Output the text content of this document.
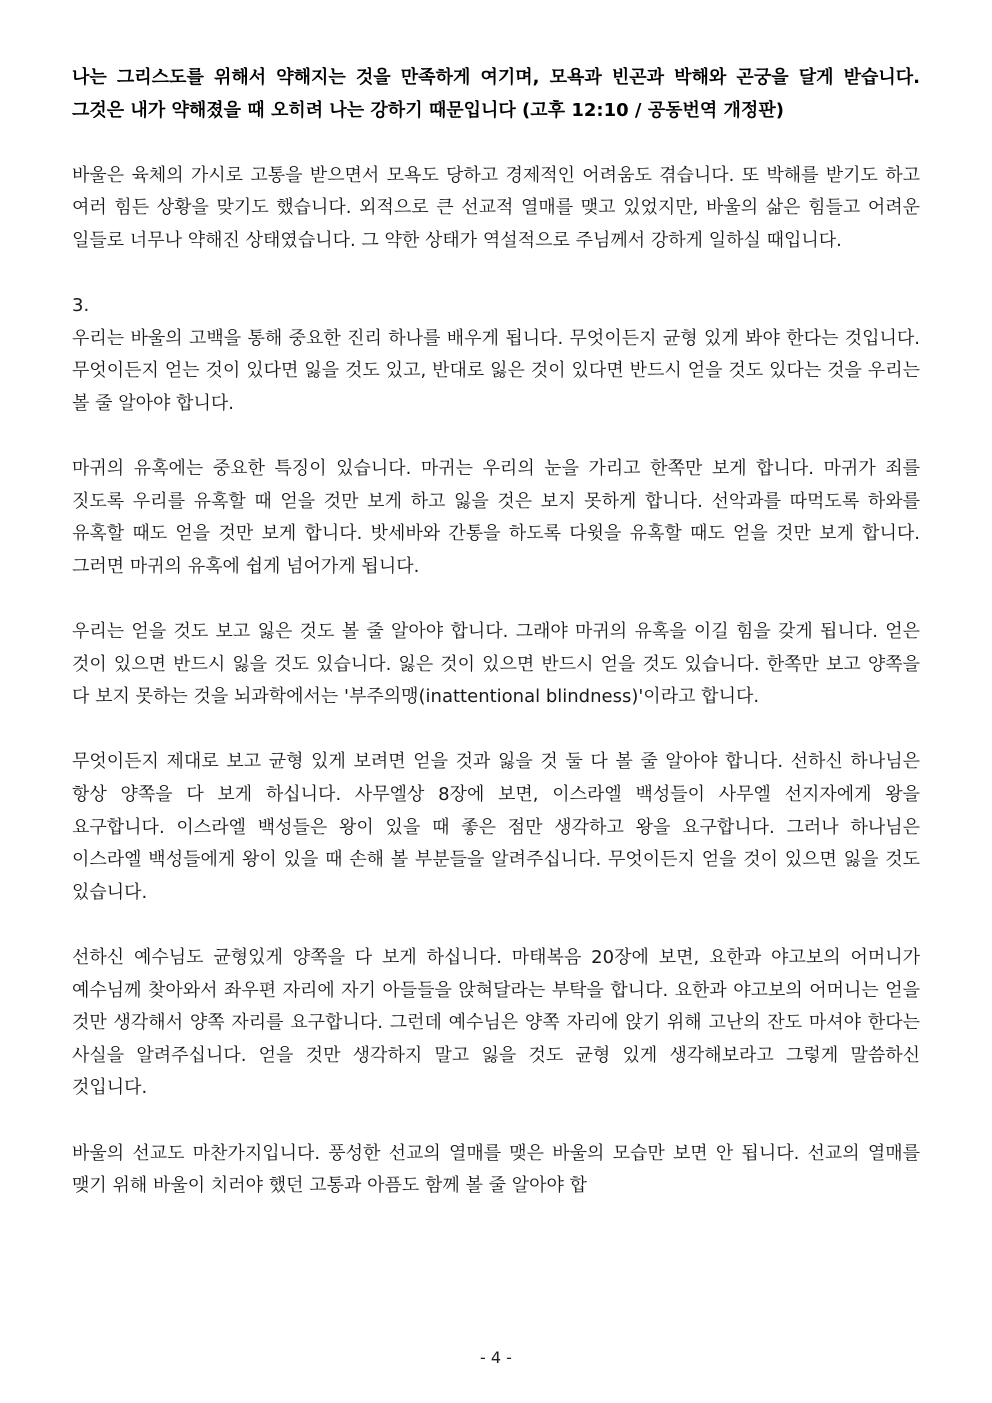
나는 그리스도를 위해서 약해지는 것을 만족하게 여기며, 모욕과 빈곤과 박해와 곤궁을 달게 받습니다. 그것은 내가 약해졌을 때 오히려 나는 강하기 때문입니다 (고후 12:10 / 공동번역 개정판)

바울은 육체의 가시로 고통을 받으면서 모욕도 당하고 경제적인 어려움도 겪습니다. 또 박해를 받기도 하고 여러 힘든 상황을 맞기도 했습니다. 외적으로 큰 선교적 열매를 맺고 있었지만, 바울의 삶은 힘들고 어려운 일들로 너무나 약해진 상태였습니다. 그 약한 상태가 역설적으로 주님께서 강하게 일하실 때입니다.

3.

우리는 바울의 고백을 통해 중요한 진리 하나를 배우게 됩니다. 무엇이든지 균형 있게 봐야 한다는 것입니다. 무엇이든지 얻는 것이 있다면 잃을 것도 있고, 반대로 잃은 것이 있다면 반드시 얻을 것도 있다는 것을 우리는 볼 줄 알아야 합니다.

마귀의 유혹에는 중요한 특징이 있습니다. 마귀는 우리의 눈을 가리고 한쪽만 보게 합니다. 마귀가 죄를 짓도록 우리를 유혹할 때 얻을 것만 보게 하고 잃을 것은 보지 못하게 합니다. 선악과를 따먹도록 하와를 유혹할 때도 얻을 것만 보게 합니다. 밧세바와 간통을 하도록 다윗을 유혹할 때도 얻을 것만 보게 합니다. 그러면 마귀의 유혹에 쉽게 넘어가게 됩니다.

우리는 얻을 것도 보고 잃은 것도 볼 줄 알아야 합니다. 그래야 마귀의 유혹을 이길 힘을 갖게 됩니다. 얻은 것이 있으면 반드시 잃을 것도 있습니다. 잃은 것이 있으면 반드시 얻을 것도 있습니다. 한쪽만 보고 양쪽을 다 보지 못하는 것을 뇌과학에서는 '부주의맹(inattentional blindness)'이라고 합니다.

무엇이든지 제대로 보고 균형 있게 보려면 얻을 것과 잃을 것 둘 다 볼 줄 알아야 합니다. 선하신 하나님은 항상 양쪽을 다 보게 하십니다. 사무엘상 8장에 보면, 이스라엘 백성들이 사무엘 선지자에게 왕을 요구합니다. 이스라엘 백성들은 왕이 있을 때 좋은 점만 생각하고 왕을 요구합니다. 그러나 하나님은 이스라엘 백성들에게 왕이 있을 때 손해 볼 부분들을 알려주십니다. 무엇이든지 얻을 것이 있으면 잃을 것도 있습니다.

선하신 예수님도 균형있게 양쪽을 다 보게 하십니다. 마태복음 20장에 보면, 요한과 야고보의 어머니가 예수님께 찾아와서 좌우편 자리에 자기 아들들을 앉혀달라는 부탁을 합니다. 요한과 야고보의 어머니는 얻을 것만 생각해서 양쪽 자리를 요구합니다. 그런데 예수님은 양쪽 자리에 앉기 위해 고난의 잔도 마셔야 한다는 사실을 알려주십니다. 얻을 것만 생각하지 말고 잃을 것도 균형 있게 생각해보라고 그렇게 말씀하신 것입니다.

바울의 선교도 마찬가지입니다. 풍성한 선교의 열매를 맺은 바울의 모습만 보면 안 됩니다. 선교의 열매를 맺기 위해 바울이 치러야 했던 고통과 아픔도 함께 볼 줄 알아야 합

- 4 -
